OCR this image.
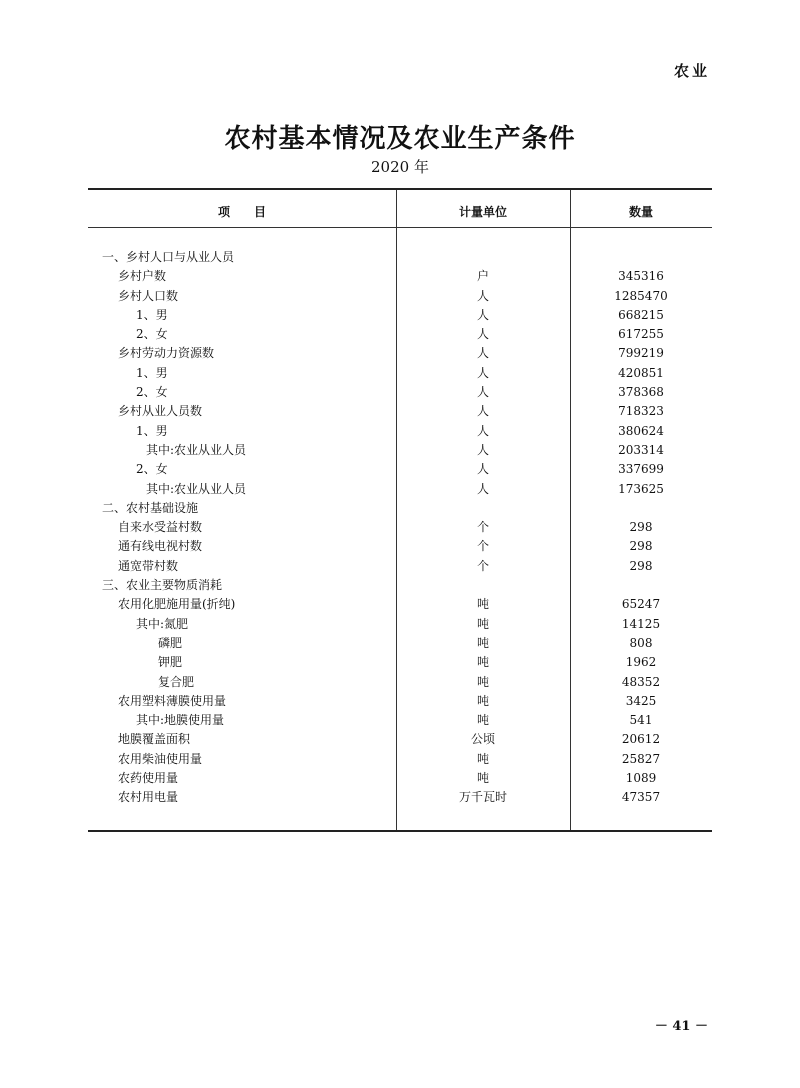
农业
农村基本情况及农业生产条件
2020 年
项　　目	计量单位	数量
一、乡村人口与从业人员
乡村户数	户	345316
乡村人口数	人	1285470
1、男	人	668215
2、女	人	617255
乡村劳动力资源数	人	799219
1、男	人	420851
2、女	人	378368
乡村从业人员数	人	718323
1、男	人	380624
其中:农业从业人员	人	203314
2、女	人	337699
其中:农业从业人员	人	173625
二、农村基础设施
自来水受益村数	个	298
通有线电视村数	个	298
通宽带村数	个	298
三、农业主要物质消耗
农用化肥施用量(折纯)	吨	65247
其中:氮肥	吨	14125
磷肥	吨	808
钾肥	吨	1962
复合肥	吨	48352
农用塑料薄膜使用量	吨	3425
其中:地膜使用量	吨	541
地膜覆盖面积	公顷	20612
农用柴油使用量	吨	25827
农药使用量	吨	1089
农村用电量	万千瓦时	47357
－ 41 －
